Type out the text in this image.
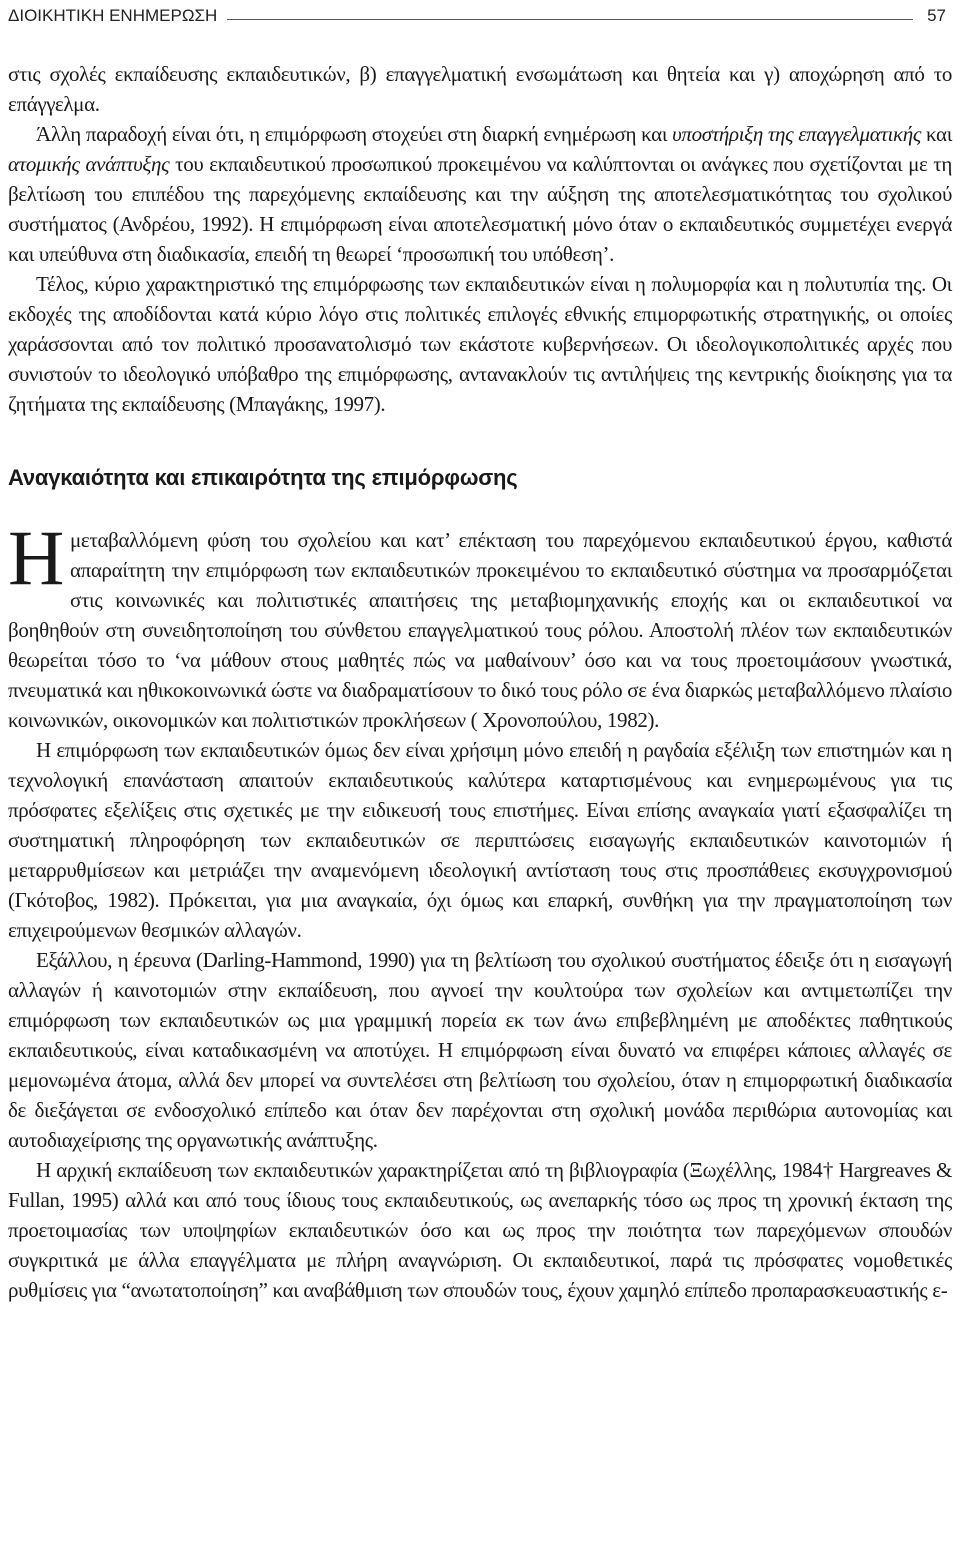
ΔΙΟΙΚΗΤΙΚΗ ΕΝΗΜΕΡΩΣΗ	57

στις σχολές εκπαίδευσης εκπαιδευτικών, β) επαγγελματική ενσωμάτωση και θητεία και γ) αποχώρηση από το επάγγελμα.

Άλλη παραδοχή είναι ότι, η επιμόρφωση στοχεύει στη διαρκή ενημέρωση και υποστήριξη της επαγγελματικής και ατομικής ανάπτυξης του εκπαιδευτικού προσωπικού προκειμένου να καλύπτονται οι ανάγκες που σχετίζονται με τη βελτίωση του επιπέδου της παρεχόμενης εκπαίδευσης και την αύξηση της αποτελεσματικότητας του σχολικού συστήματος (Ανδρέου, 1992). Η επιμόρφωση είναι αποτελεσματική μόνο όταν ο εκπαιδευτικός συμμετέχει ενεργά και υπεύθυνα στη διαδικασία, επειδή τη θεωρεί ‘προσωπική του υπόθεση’.

Τέλος, κύριο χαρακτηριστικό της επιμόρφωσης των εκπαιδευτικών είναι η πολυμορφία και η πολυτυπία της. Οι εκδοχές της αποδίδονται κατά κύριο λόγο στις πολιτικές επιλογές εθνικής επιμορφωτικής στρατηγικής, οι οποίες χαράσσονται από τον πολιτικό προσανατολισμό των εκάστοτε κυβερνήσεων. Οι ιδεολογικοπολιτικές αρχές που συνιστούν το ιδεολογικό υπόβαθρο της επιμόρφωσης, αντανακλούν τις αντιλήψεις της κεντρικής διοίκησης για τα ζητήματα της εκπαίδευσης (Μπαγάκης, 1997).

Αναγκαιότητα και επικαιρότητα της επιμόρφωσης

Ημεταβαλλόμενη φύση του σχολείου και κατ’ επέκταση του παρεχόμενου εκπαιδευτικού έργου, καθιστά απαραίτητη την επιμόρφωση των εκπαιδευτικών προκειμένου το εκπαιδευτικό σύστημα να προσαρμόζεται στις κοινωνικές και πολιτιστικές απαιτήσεις της μεταβιομηχανικής εποχής και οι εκπαιδευτικοί να βοηθηθούν στη συνειδητοποίηση του σύνθετου επαγγελματικού τους ρόλου. Αποστολή πλέον των εκπαιδευτικών θεωρείται τόσο το ‘να μάθουν στους μαθητές πώς να μαθαίνουν’ όσο και να τους προετοιμάσουν γνωστικά, πνευματικά και ηθικοκοινωνικά ώστε να διαδραματίσουν το δικό τους ρόλο σε ένα διαρκώς μεταβαλλόμενο πλαίσιο κοινωνικών, οικονομικών και πολιτιστικών προκλήσεων ( Χρονοπούλου, 1982).

Η επιμόρφωση των εκπαιδευτικών όμως δεν είναι χρήσιμη μόνο επειδή η ραγδαία εξέλιξη των επιστημών και η τεχνολογική επανάσταση απαιτούν εκπαιδευτικούς καλύτερα καταρτισμένους και ενημερωμένους για τις πρόσφατες εξελίξεις στις σχετικές με την ειδικευσή τους επιστήμες. Είναι επίσης αναγκαία γιατί εξασφαλίζει τη συστηματική πληροφόρηση των εκπαιδευτικών σε περιπτώσεις εισαγωγής εκπαιδευτικών καινοτομιών ή μεταρρυθμίσεων και μετριάζει την αναμενόμενη ιδεολογική αντίσταση τους στις προσπάθειες εκσυγχρονισμού (Γκότοβος, 1982). Πρόκειται, για μια αναγκαία, όχι όμως και επαρκή, συνθήκη για την πραγματοποίηση των επιχειρούμενων θεσμικών αλλαγών.

Εξάλλου, η έρευνα (Darling-Hammond, 1990) για τη βελτίωση του σχολικού συστήματος έδειξε ότι η εισαγωγή αλλαγών ή καινοτομιών στην εκπαίδευση, που αγνοεί την κουλτούρα των σχολείων και αντιμετωπίζει την επιμόρφωση των εκπαιδευτικών ως μια γραμμική πορεία εκ των άνω επιβεβλημένη με αποδέκτες παθητικούς εκπαιδευτικούς, είναι καταδικασμένη να αποτύχει. Η επιμόρφωση είναι δυνατό να επιφέρει κάποιες αλλαγές σε μεμονωμένα άτομα, αλλά δεν μπορεί να συντελέσει στη βελτίωση του σχολείου, όταν η επιμορφωτική διαδικασία δε διεξάγεται σε ενδοσχολικό επίπεδο και όταν δεν παρέχονται στη σχολική μονάδα περιθώρια αυτονομίας και αυτοδιαχείρισης της οργανωτικής ανάπτυξης.

Η αρχική εκπαίδευση των εκπαιδευτικών χαρακτηρίζεται από τη βιβλιογραφία (Ξωχέλλης, 1984† Hargreaves & Fullan, 1995) αλλά και από τους ίδιους τους εκπαιδευτικούς, ως ανεπαρκής τόσο ως προς τη χρονική έκταση της προετοιμασίας των υποψηφίων εκπαιδευτικών όσο και ως προς την ποιότητα των παρεχόμενων σπουδών συγκριτικά με άλλα επαγγέλματα με πλήρη αναγνώριση. Οι εκπαιδευτικοί, παρά τις πρόσφατες νομοθετικές ρυθμίσεις για “ανωτατοποίηση” και αναβάθμιση των σπουδών τους, έχουν χαμηλό επίπεδο προπαρασκευαστικής ε-
